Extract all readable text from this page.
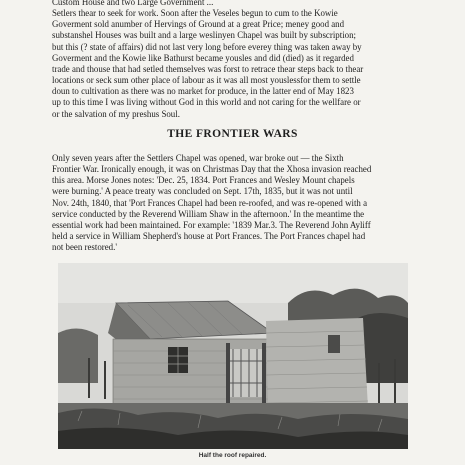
Custom House and two Large Government ...
Setlers thear to seek for work. Soon after the Veseles begun to cum to the Kowie
Goverment sold anumber of Hervings of Ground at a great Price; meney good and
substanshel Houses was built and a large weslinyen Chapel was built by subscription;
but this (? state of affairs) did not last very long before everey thing was taken away by
Goverment and the Kowie like Bathurst became yousles and did (died) as it regarded
trade and thouse that had setled themselves was forst to retrace thear steps back to thear
locations or seck sum other place of labour as it was all most youslessfor them to settle
doun to cultivation as there was no market for produce, in the latter end of May 1823
up to this time I was living without God in this world and not caring for the wellfare or
or the salvation of my preshus Soul.
THE FRONTIER WARS
Only seven years after the Settlers Chapel was opened, war broke out — the Sixth
Frontier War. Ironically enough, it was on Christmas Day that the Xhosa invasion reached
this area. Morse Jones notes: 'Dec. 25, 1834. Port Frances and Wesley Mount chapels
were burning.' A peace treaty was concluded on Sept. 17th, 1835, but it was not until
Nov. 24th, 1840, that 'Port Frances Chapel had been re-roofed, and was re-opened with a
service conducted by the Reverend William Shaw in the afternoon.' In the meantime the
essential work had been maintained. For example: '1839 Mar.3. The Reverend John Ayliff
held a service in William Shepherd's house at Port Frances. The Port Frances chapel had
not been restored.'
Half the roof repaired.
